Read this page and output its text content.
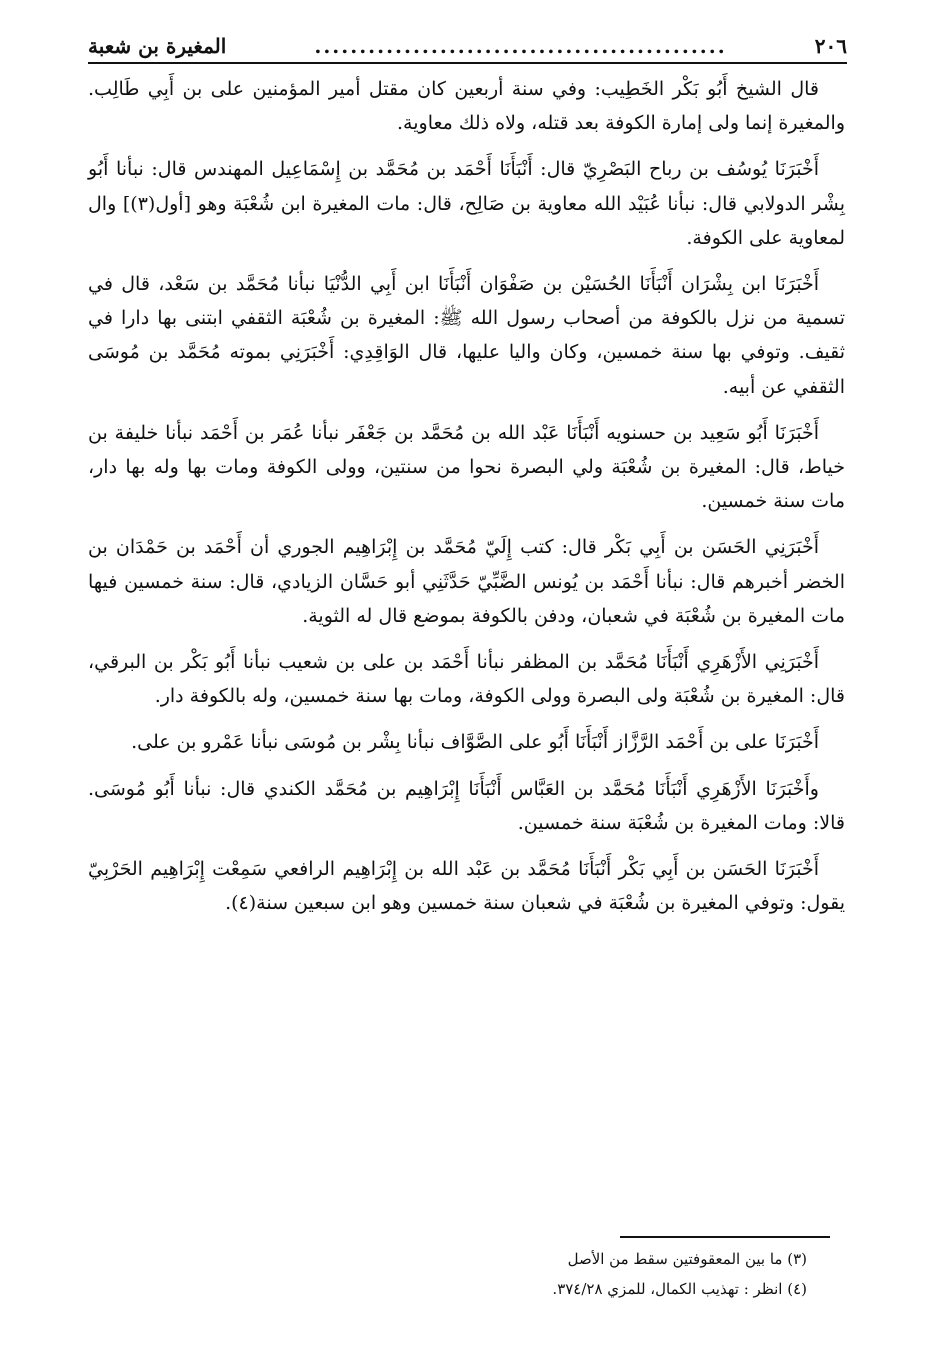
٢٠٦
..............................................
المغيرة بن شعبة

قال الشيخ أَبُو بَكْر الخَطِيب: وفي سنة أربعين كان مقتل أمير المؤمنين على بن أَبِي طَالِب. والمغيرة إنما ولى إمارة الكوفة بعد قتله، ولاه ذلك معاوية.

أَخْبَرَنَا يُوسُف بن رباح البَصْرِيّ قال: أَنْبَأَنَا أَحْمَد بن مُحَمَّد بن إِسْمَاعِيل المهندس قال: نبأنا أَبُو بِشْر الدولابي قال: نبأنا عُبَيْد الله معاوية بن صَالِح، قال: مات المغيرة ابن شُعْبَة وهو [أول(٣)] وال لمعاوية على الكوفة.

أَخْبَرَنَا ابن بِشْرَان أَنْبَأَنَا الحُسَيْن بن صَفْوَان أَنْبَأَنَا ابن أَبِي الدُّنْيَا نبأنا مُحَمَّد بن سَعْد، قال في تسمية من نزل بالكوفة من أصحاب رسول الله ﷺ: المغيرة بن شُعْبَة الثقفي ابتنى بها دارا في ثقيف. وتوفي بها سنة خمسين، وكان واليا عليها، قال الوَاقِدِي: أَخْبَرَنِي بموته مُحَمَّد بن مُوسَى الثقفي عن أبيه.

أَخْبَرَنَا أَبُو سَعِيد بن حسنويه أَنْبَأَنَا عَبْد الله بن مُحَمَّد بن جَعْفَر نبأنا عُمَر بن أَحْمَد نبأنا خليفة بن خياط، قال: المغيرة بن شُعْبَة ولي البصرة نحوا من سنتين، وولى الكوفة ومات بها وله بها دار، مات سنة خمسين.

أَخْبَرَنِي الحَسَن بن أَبِي بَكْر قال: كتب إِلَيّ مُحَمَّد بن إِبْرَاهِيم الجوري أن أَحْمَد بن حَمْدَان بن الخضر أخبرهم قال: نبأنا أَحْمَد بن يُونس الضَّبِّيّ حَدَّثَنِي أبو حَسَّان الزيادي، قال: سنة خمسين فيها مات المغيرة بن شُعْبَة في شعبان، ودفن بالكوفة بموضع قال له الثوية.

أَخْبَرَنِي الأَزْهَرِي أَنْبَأَنَا مُحَمَّد بن المظفر نبأنا أَحْمَد بن على بن شعيب نبأنا أَبُو بَكْر بن البرقي، قال: المغيرة بن شُعْبَة ولى البصرة وولى الكوفة، ومات بها سنة خمسين، وله بالكوفة دار.

أَخْبَرَنَا على بن أَحْمَد الرَّزَّاز أَنْبَأَنَا أَبُو على الصَّوَّاف نبأنا بِشْر بن مُوسَى نبأنا عَمْرو بن على.

وأَخْبَرَنَا الأَزْهَرِي أَنْبَأَنَا مُحَمَّد بن العَبَّاس أَنْبَأَنَا إِبْرَاهِيم بن مُحَمَّد الكندي قال: نبأنا أَبُو مُوسَى. قالا: ومات المغيرة بن شُعْبَة سنة خمسين.

أَخْبَرَنَا الحَسَن بن أَبِي بَكْر أَنْبَأَنَا مُحَمَّد بن عَبْد الله بن إِبْرَاهِيم الرافعي سَمِعْت إِبْرَاهِيم الحَرْبِيّ يقول: وتوفي المغيرة بن شُعْبَة في شعبان سنة خمسين وهو ابن سبعين سنة(٤).

(٣) ما بين المعقوفتين سقط من الأصل
(٤) انظر : تهذيب الكمال، للمزي ٣٧٤/٢٨.
